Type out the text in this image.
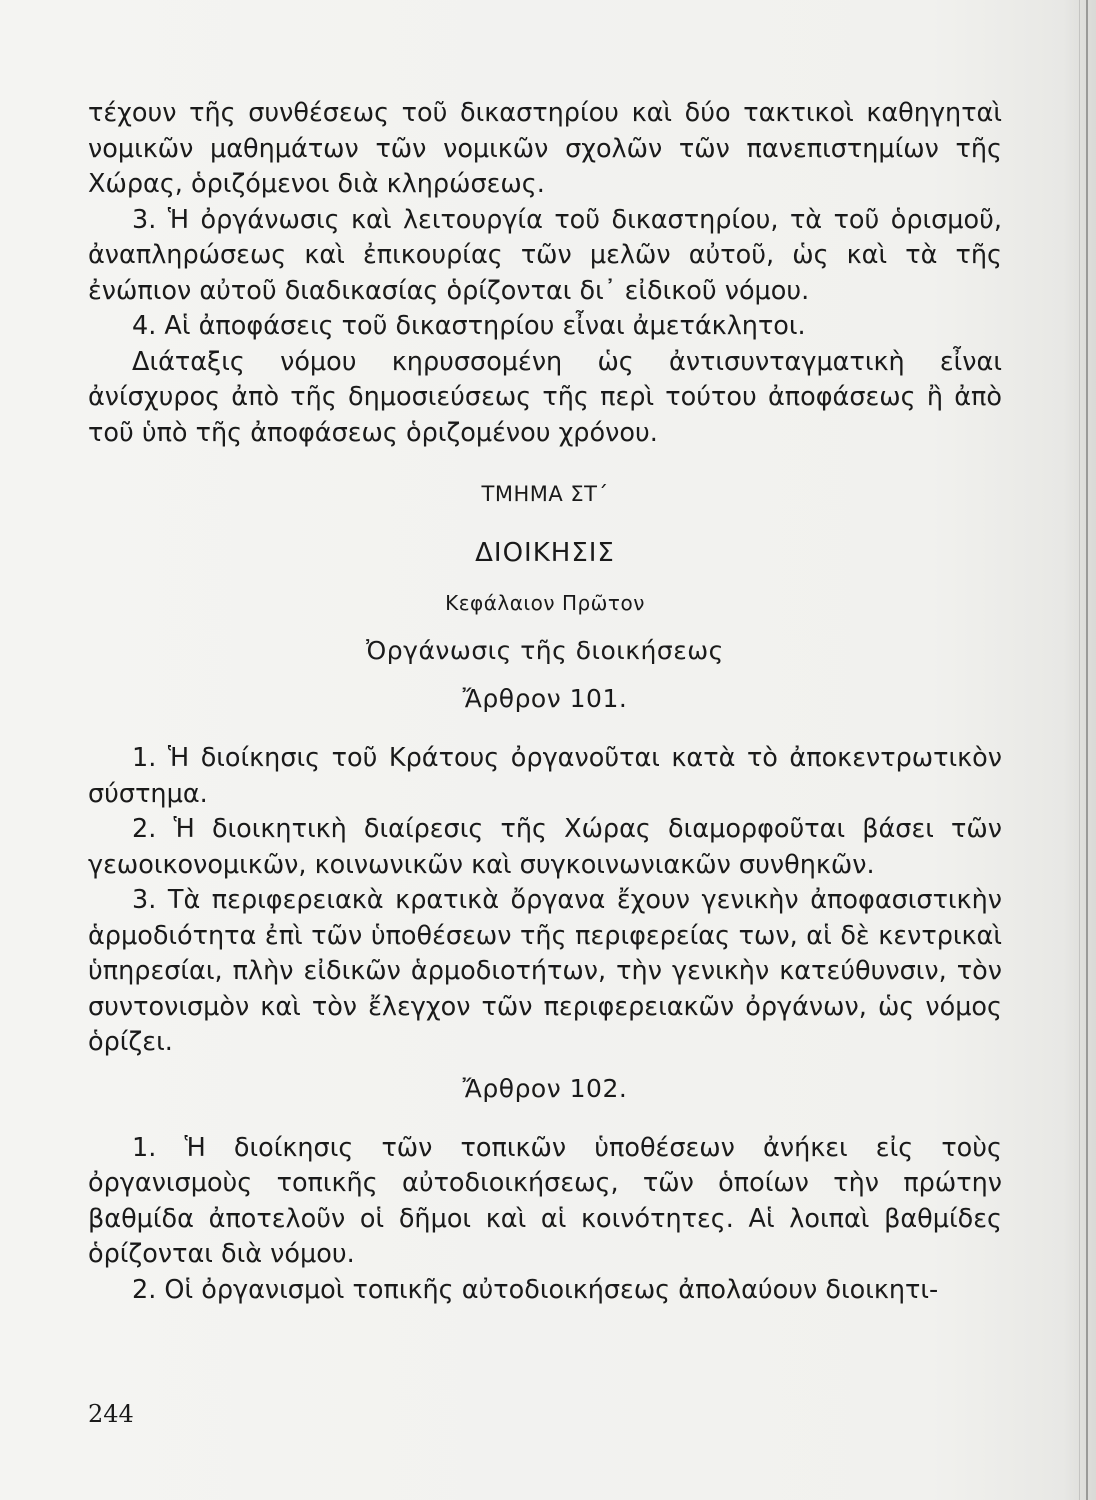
τέχουν τῆς συνθέσεως τοῦ δικαστηρίου καὶ δύο τακτικοὶ καθηγηταὶ νομικῶν μαθημάτων τῶν νομικῶν σχολῶν τῶν πανεπιστημίων τῆς Χώρας, ὁριζόμενοι διὰ κληρώσεως.

3. Ἡ ὀργάνωσις καὶ λειτουργία τοῦ δικαστηρίου, τὰ τοῦ ὁρισμοῦ, ἀναπληρώσεως καὶ ἐπικουρίας τῶν μελῶν αὐτοῦ, ὡς καὶ τὰ τῆς ἐνώπιον αὐτοῦ διαδικασίας ὁρίζονται δι᾽ εἰδικοῦ νόμου.

4. Αἱ ἀποφάσεις τοῦ δικαστηρίου εἶναι ἀμετάκλητοι.

Διάταξις νόμου κηρυσσομένη ὡς ἀντισυνταγματικὴ εἶναι ἀνίσχυρος ἀπὸ τῆς δημοσιεύσεως τῆς περὶ τούτου ἀποφάσεως ἢ ἀπὸ τοῦ ὑπὸ τῆς ἀποφάσεως ὁριζομένου χρόνου.

ΤΜΗΜΑ ΣΤ΄

ΔΙΟΙΚΗΣΙΣ

Κεφάλαιον Πρῶτον

Ὀργάνωσις τῆς διοικήσεως

Ἄρθρον 101.

1. Ἡ διοίκησις τοῦ Κράτους ὀργανοῦται κατὰ τὸ ἀποκεντρωτικὸν σύστημα.

2. Ἡ διοικητικὴ διαίρεσις τῆς Χώρας διαμορφοῦται βάσει τῶν γεωοικονομικῶν, κοινωνικῶν καὶ συγκοινωνιακῶν συνθηκῶν.

3. Τὰ περιφερειακὰ κρατικὰ ὄργανα ἔχουν γενικὴν ἀποφασιστικὴν ἁρμοδιότητα ἐπὶ τῶν ὑποθέσεων τῆς περιφερείας των, αἱ δὲ κεντρικαὶ ὑπηρεσίαι, πλὴν εἰδικῶν ἁρμοδιοτήτων, τὴν γενικὴν κατεύθυνσιν, τὸν συντονισμὸν καὶ τὸν ἔλεγχον τῶν περιφερειακῶν ὀργάνων, ὡς νόμος ὁρίζει.

Ἄρθρον 102.

1. Ἡ διοίκησις τῶν τοπικῶν ὑποθέσεων ἀνήκει εἰς τοὺς ὀργανισμοὺς τοπικῆς αὐτοδιοικήσεως, τῶν ὁποίων τὴν πρώτην βαθμίδα ἀποτελοῦν οἱ δῆμοι καὶ αἱ κοινότητες. Αἱ λοιπαὶ βαθμίδες ὁρίζονται διὰ νόμου.

2. Οἱ ὀργανισμοὶ τοπικῆς αὐτοδιοικήσεως ἀπολαύουν διοικητι-

244
